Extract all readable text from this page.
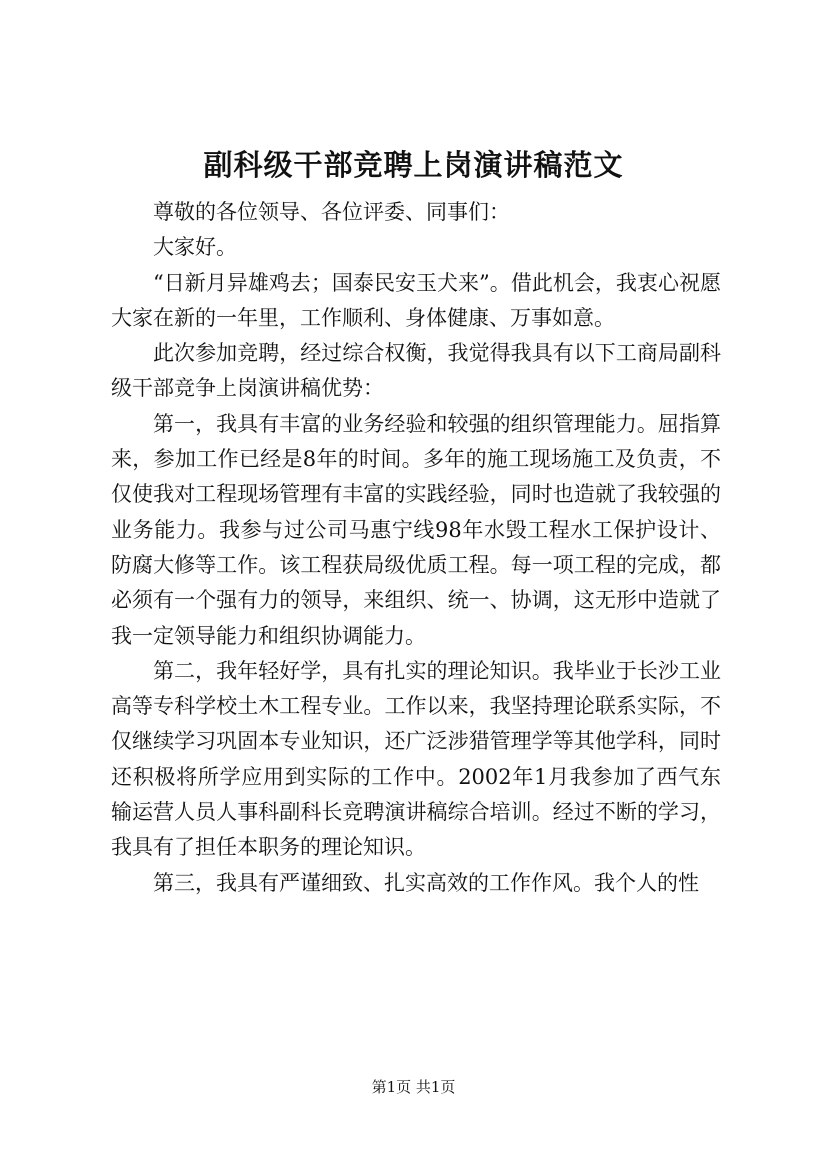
副科级干部竞聘上岗演讲稿范文

尊敬的各位领导、各位评委、同事们：

大家好。

“日新月异雄鸡去；国泰民安玉犬来”。借此机会，我衷心祝愿大家在新的一年里，工作顺利、身体健康、万事如意。

此次参加竞聘，经过综合权衡，我觉得我具有以下工商局副科级干部竞争上岗演讲稿优势：

第一，我具有丰富的业务经验和较强的组织管理能力。屈指算来，参加工作已经是8年的时间。多年的施工现场施工及负责，不仅使我对工程现场管理有丰富的实践经验，同时也造就了我较强的业务能力。我参与过公司马惠宁线98年水毁工程水工保护设计、防腐大修等工作。该工程获局级优质工程。每一项工程的完成，都必须有一个强有力的领导，来组织、统一、协调，这无形中造就了我一定领导能力和组织协调能力。

第二，我年轻好学，具有扎实的理论知识。我毕业于长沙工业高等专科学校土木工程专业。工作以来，我坚持理论联系实际，不仅继续学习巩固本专业知识，还广泛涉猎管理学等其他学科，同时还积极将所学应用到实际的工作中。2002年1月我参加了西气东输运营人员人事科副科长竞聘演讲稿综合培训。经过不断的学习，我具有了担任本职务的理论知识。

第三，我具有严谨细致、扎实高效的工作作风。我个人的性

第1页 共1页
